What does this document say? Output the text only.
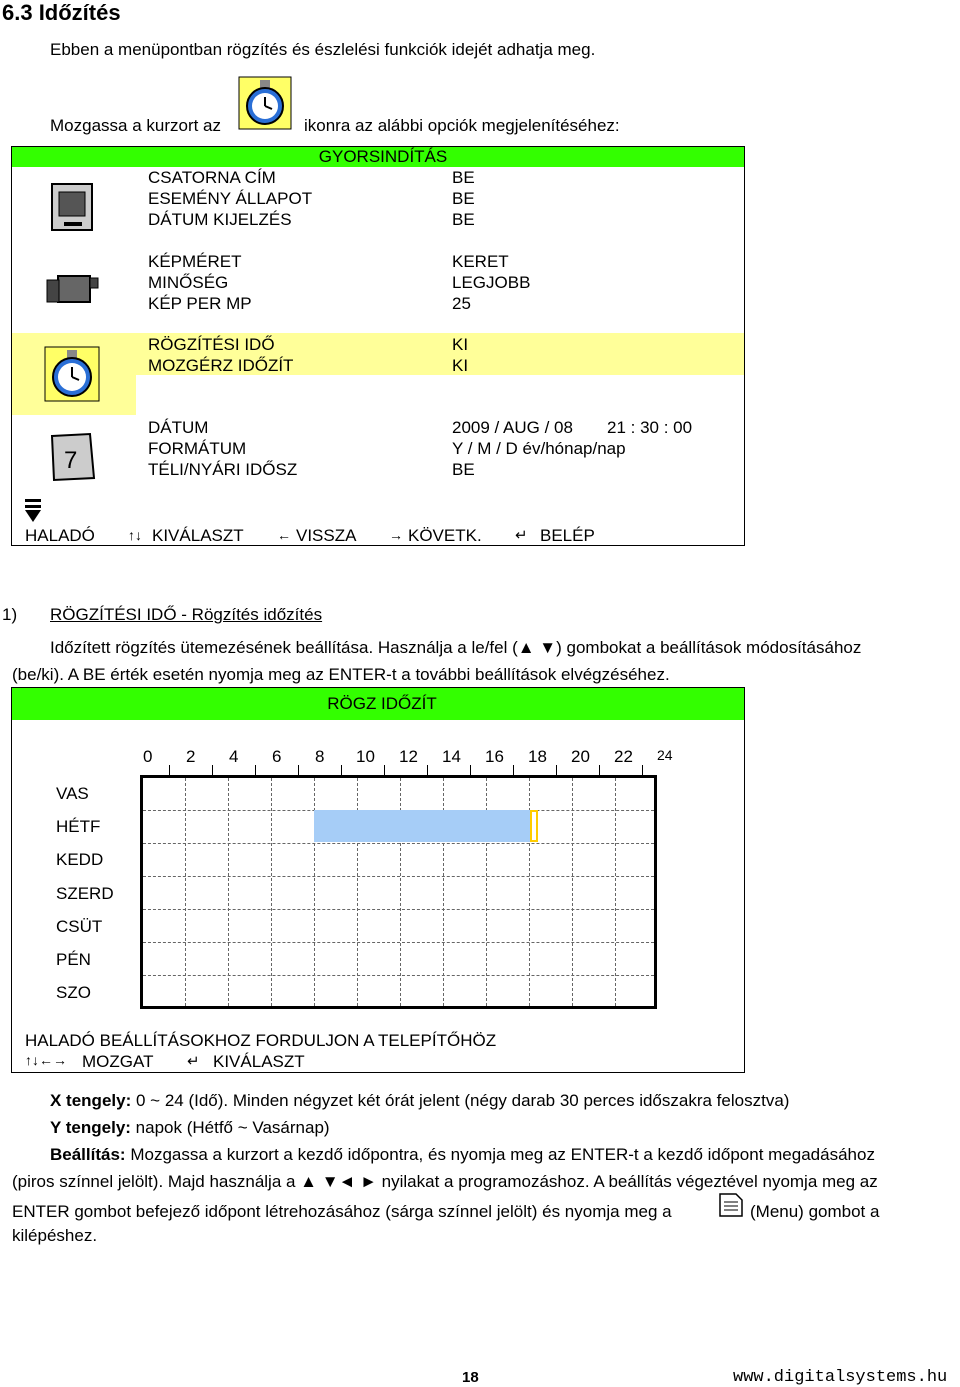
6.3 Időzítés
Ebben a menüpontban rögzítés és észlelési funkciók idejét adhatja meg.
Mozgassa a kurzort az	ikonra az alábbi opciók megjelenítéséhez:
GYORSINDÍTÁS
7
CSATORNA CÍM	BE
ESEMÉNY ÁLLAPOT	BE
DÁTUM KIJELZÉS	BE
KÉPMÉRET	KERET
MINŐSÉG	LEGJOBB
KÉP PER MP	25
RÖGZÍTÉSI IDŐ	KI
MOZGÉRZ IDŐZÍT	KI
DÁTUM	2009 / AUG / 08 21 : 30 : 00
FORMÁTUM	Y / M / D év/hónap/nap
TÉLI/NYÁRI IDŐSZ	BE
HALADÓ ↑↓ KIVÁLASZT ← VISSZA → KÖVETK. ↵ BELÉP
1) RÖGZÍTÉSI IDŐ - Rögzítés időzítés
Időzített rögzítés ütemezésének beállítása. Használja a le/fel (▲ ▼) gombokat a beállítások módosításához
(be/ki). A BE érték esetén nyomja meg az ENTER-t a további beállítások elvégzéséhez.
RÖGZ IDŐZÍT
0 2 4 6 8 10 12 14 16 18 20 22 24
VAS
HÉTF
KEDD
SZERD
CSÜT
PÉN
SZO
HALADÓ BEÁLLÍTÁSOKHOZ FORDULJON A TELEPÍTŐHÖZ
↑↓←→ MOZGAT ↵ KIVÁLASZT
X tengely: 0 ~ 24 (Idő). Minden négyzet két órát jelent (négy darab 30 perces időszakra felosztva)
Y tengely: napok (Hétfő ~ Vasárnap)
Beállítás: Mozgassa a kurzort a kezdő időpontra, és nyomja meg az ENTER-t a kezdő időpont megadásához
(piros színnel jelölt). Majd használja a ▲ ▼◄ ► nyilakat a programozáshoz. A beállítás végeztével nyomja meg az
ENTER gombot befejező időpont létrehozásához (sárga színnel jelölt) és nyomja meg a	(Menu) gombot a
kilépéshez.
18	www.digitalsystems.hu
